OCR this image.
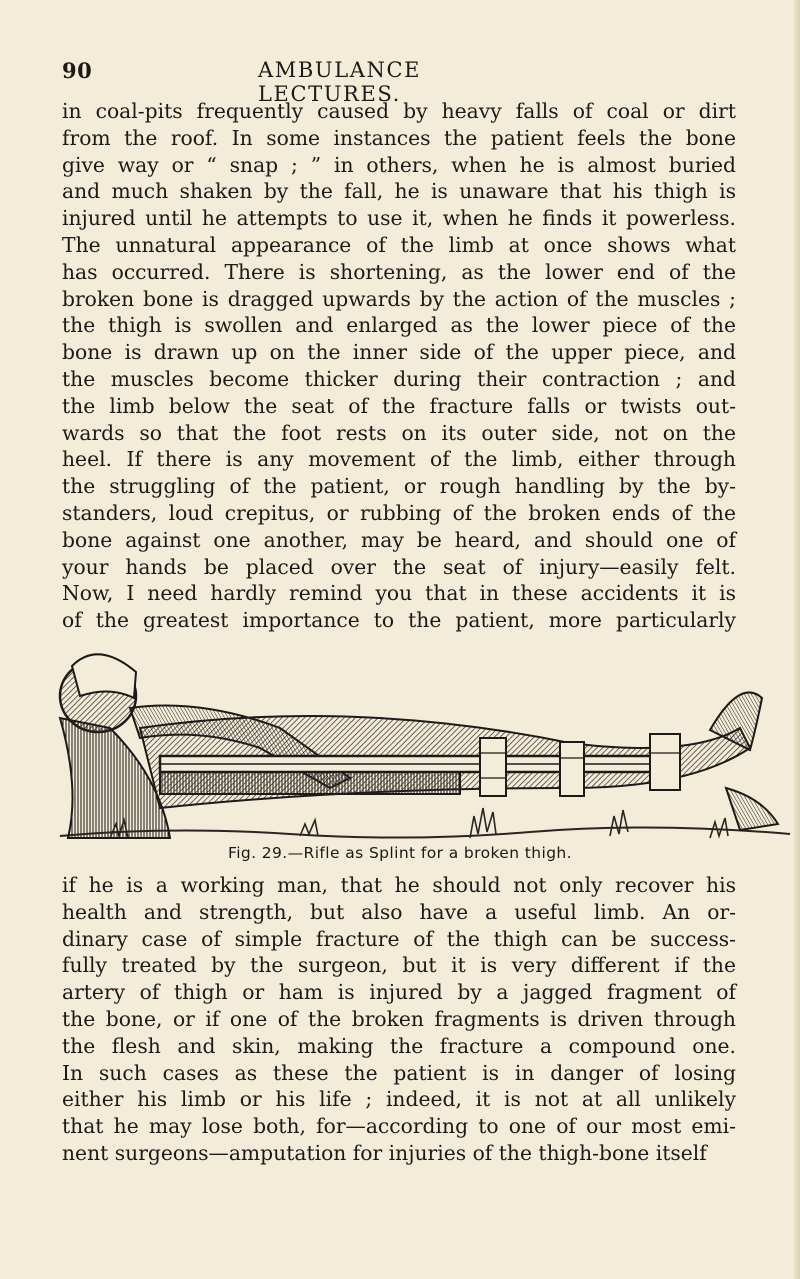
90	AMBULANCE LECTURES.
in coal-pits frequently caused by heavy falls of coal or dirt
from the roof. In some instances the patient feels the bone
give way or “ snap ; ” in others, when he is almost buried
and much shaken by the fall, he is unaware that his thigh is
injured until he attempts to use it, when he finds it powerless.
The unnatural appearance of the limb at once shows what
has occurred. There is shortening, as the lower end of the
broken bone is dragged upwards by the action of the muscles ;
the thigh is swollen and enlarged as the lower piece of the
bone is drawn up on the inner side of the upper piece, and
the muscles become thicker during their contraction ; and
the limb below the seat of the fracture falls or twists out-
wards so that the foot rests on its outer side, not on the
heel. If there is any movement of the limb, either through
the struggling of the patient, or rough handling by the by-
standers, loud crepitus, or rubbing of the broken ends of the
bone against one another, may be heard, and should one of
your hands be placed over the seat of injury—easily felt.
Now, I need hardly remind you that in these accidents it is
of the greatest importance to the patient, more particularly
Fig. 29.—Rifle as Splint for a broken thigh.
if he is a working man, that he should not only recover his
health and strength, but also have a useful limb. An or-
dinary case of simple fracture of the thigh can be success-
fully treated by the surgeon, but it is very different if the
artery of thigh or ham is injured by a jagged fragment of
the bone, or if one of the broken fragments is driven through
the flesh and skin, making the fracture a compound one.
In such cases as these the patient is in danger of losing
either his limb or his life ; indeed, it is not at all unlikely
that he may lose both, for—according to one of our most emi-
nent surgeons—amputation for injuries of the thigh-bone itself
